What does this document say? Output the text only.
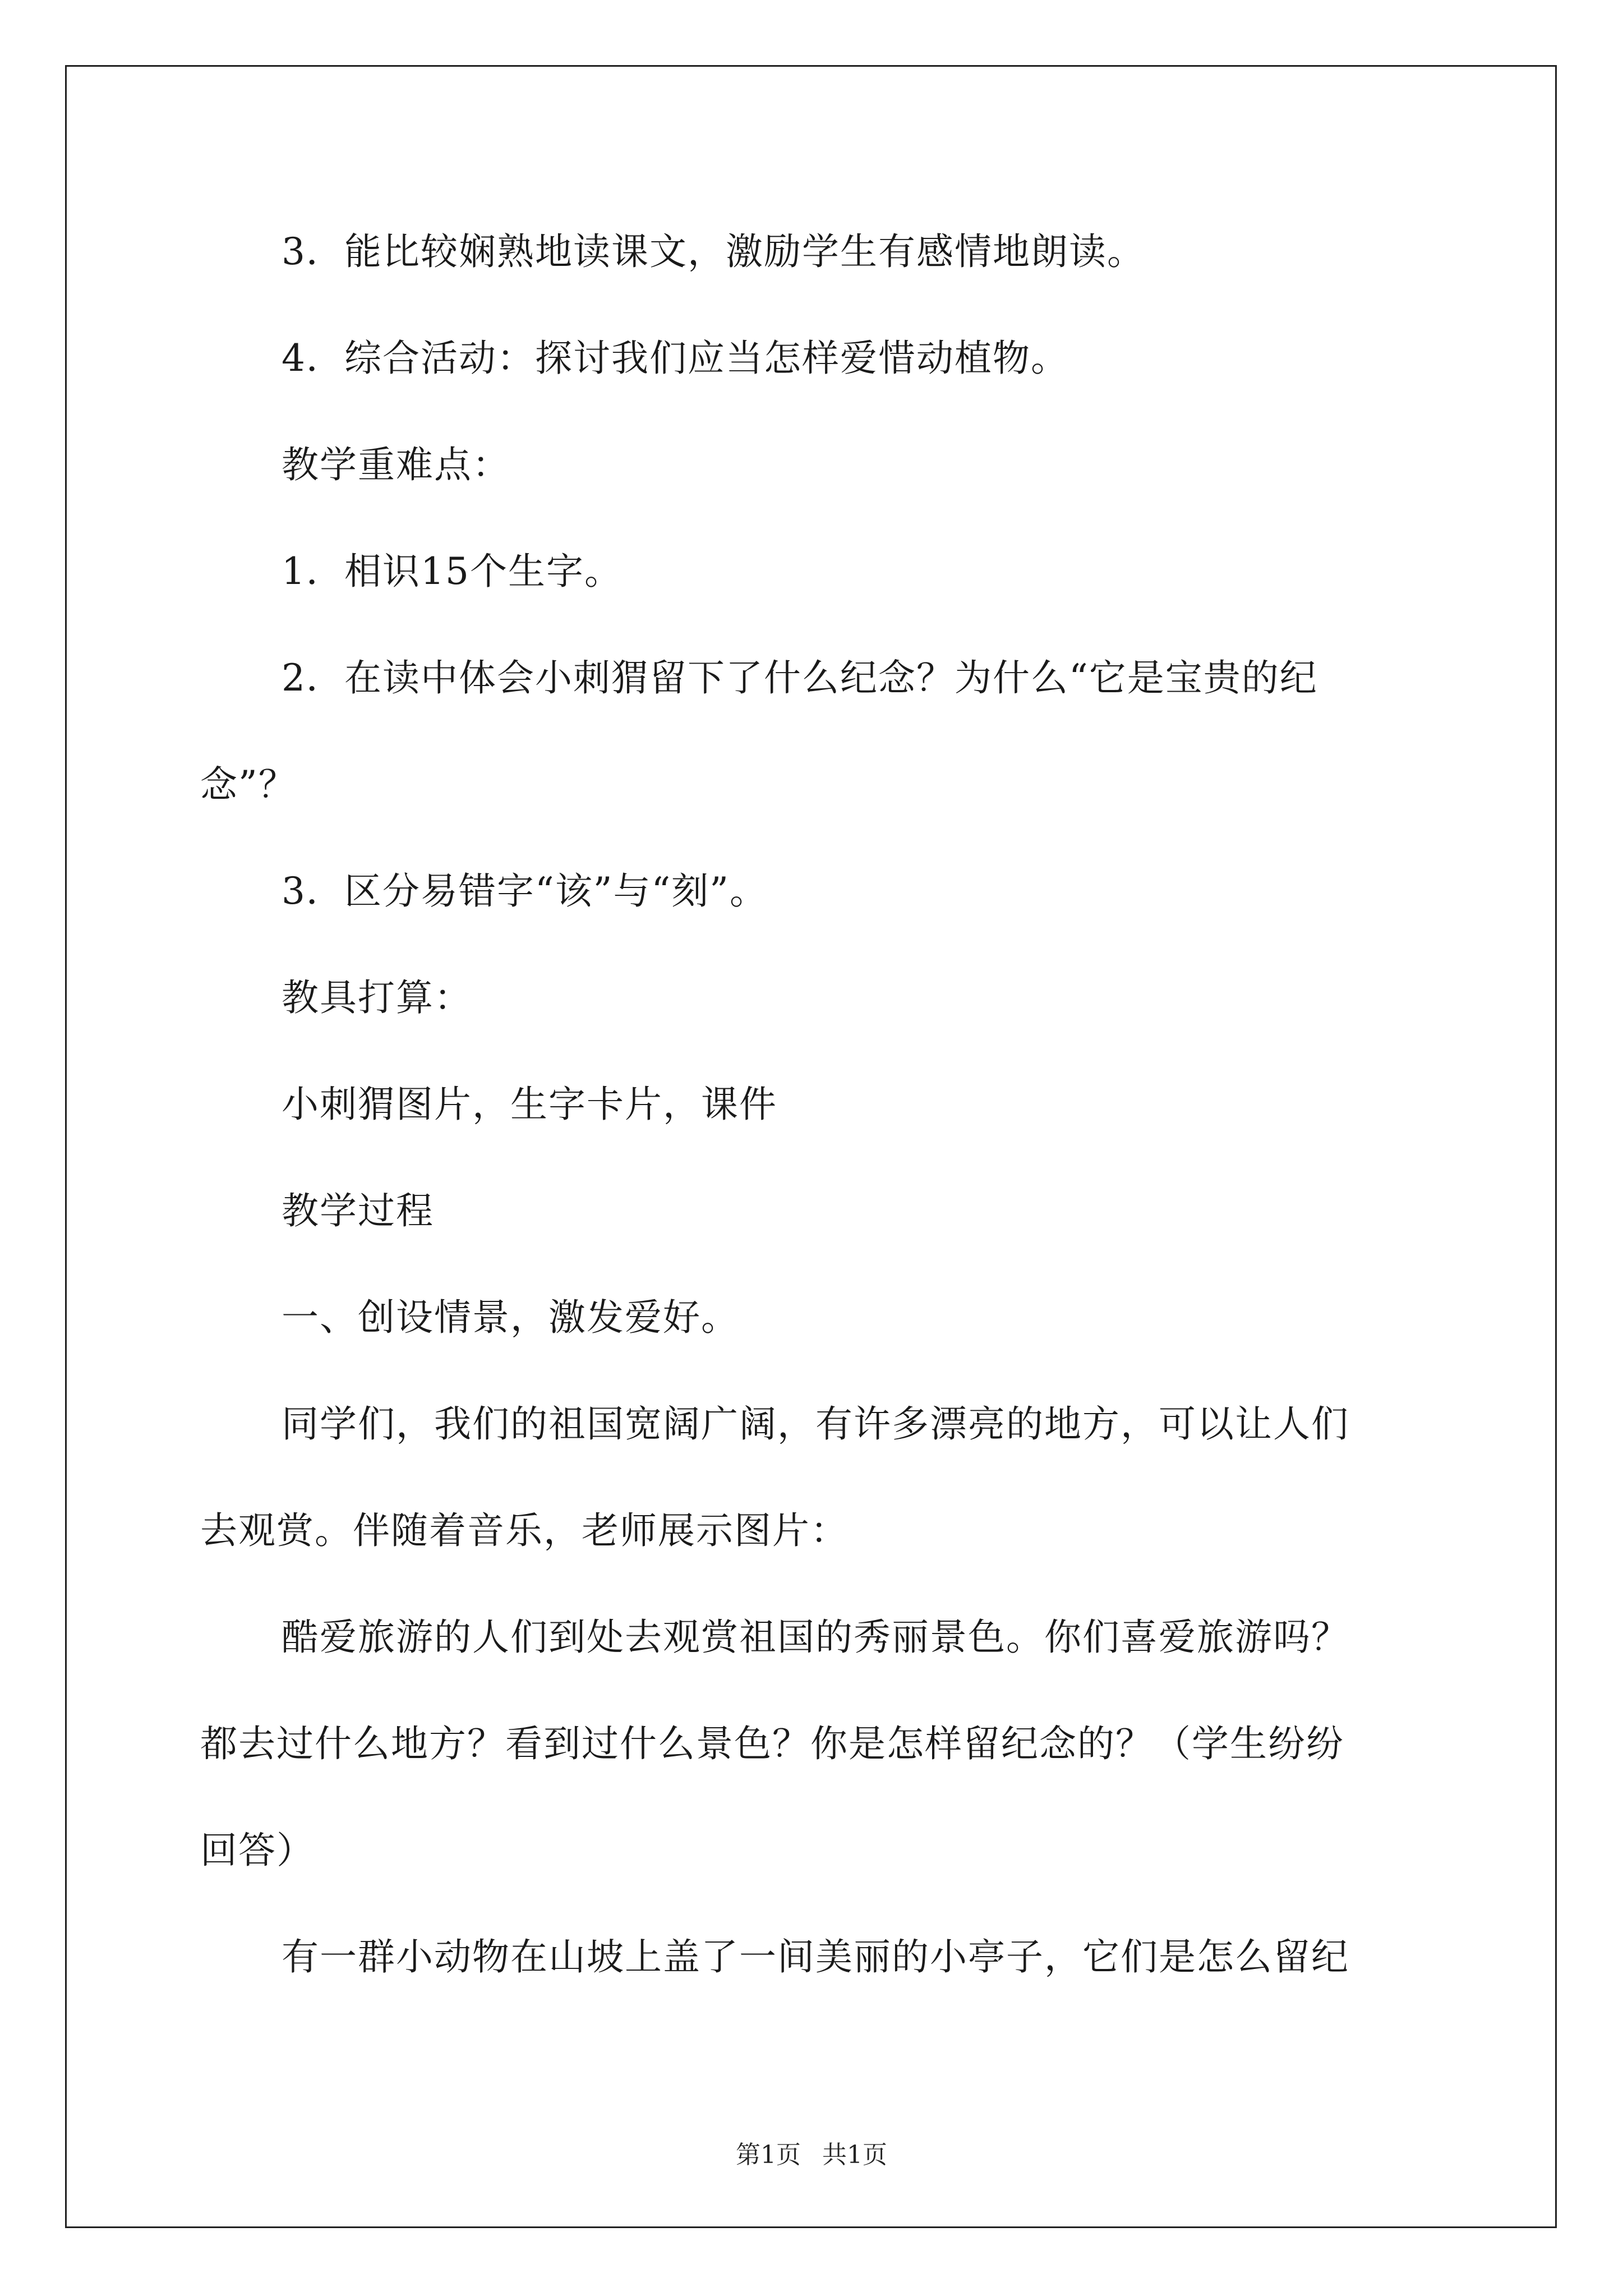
3．能比较娴熟地读课文，激励学生有感情地朗读。
4．综合活动：探讨我们应当怎样爱惜动植物。
教学重难点：
1．相识15个生字。
2．在读中体会小刺猬留下了什么纪念？为什么“它是宝贵的纪
念”？
3．区分易错字“该”与“刻”。
教具打算：
小刺猬图片，生字卡片，课件
教学过程
一、创设情景，激发爱好。
同学们，我们的祖国宽阔广阔，有许多漂亮的地方，可以让人们
去观赏。伴随着音乐，老师展示图片：
酷爱旅游的人们到处去观赏祖国的秀丽景色。你们喜爱旅游吗？
都去过什么地方？看到过什么景色？你是怎样留纪念的？（学生纷纷
回答）
有一群小动物在山坡上盖了一间美丽的小亭子，它们是怎么留纪
第1页 共1页
